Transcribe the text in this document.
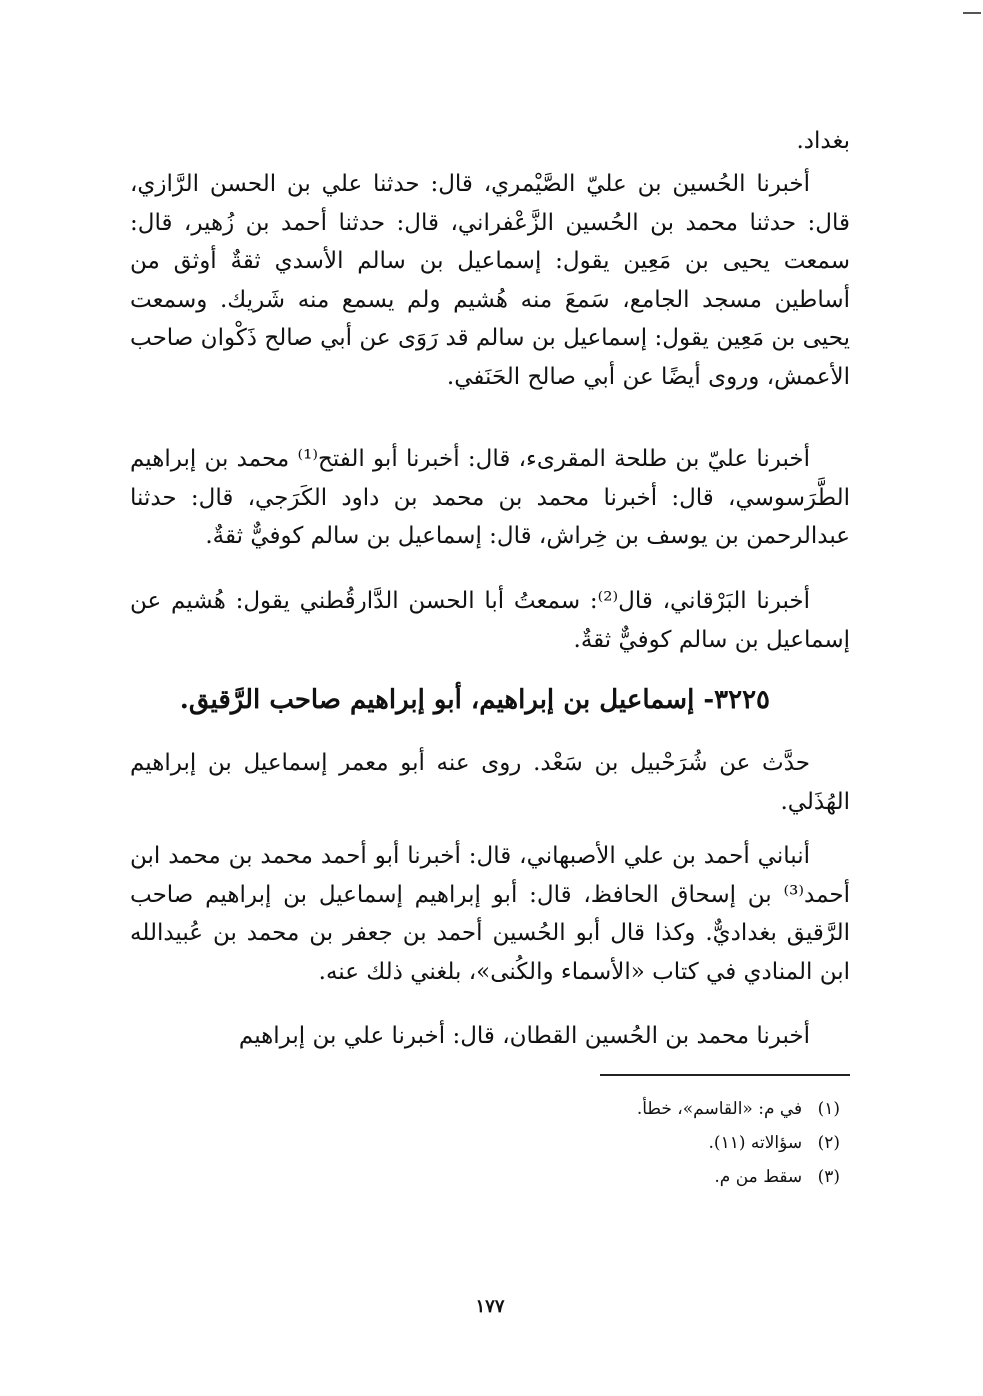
بغداد.

أخبرنا الحُسين بن عليّ الصَّيْمري، قال: حدثنا علي بن الحسن الرَّازي، قال: حدثنا محمد بن الحُسين الزَّعْفراني، قال: حدثنا أحمد بن زُهير، قال: سمعت يحيى بن مَعِين يقول: إسماعيل بن سالم الأسدي ثقةٌ أوثق من أساطين مسجد الجامع، سَمعَ منه هُشيم ولم يسمع منه شَريك. وسمعت يحيى بن مَعِين يقول: إسماعيل بن سالم قد رَوَى عن أبي صالح ذَكْوان صاحب الأعمش، وروى أيضًا عن أبي صالح الحَنَفي.

أخبرنا عليّ بن طلحة المقرىء، قال: أخبرنا أبو الفتح⁽¹⁾ محمد بن إبراهيم الطَّرَسوسي، قال: أخبرنا محمد بن محمد بن داود الكَرَجي، قال: حدثنا عبدالرحمن بن يوسف بن خِراش، قال: إسماعيل بن سالم كوفيٌّ ثقةٌ.

أخبرنا البَرْقاني، قال⁽²⁾: سمعتُ أبا الحسن الدَّارقُطني يقول: هُشيم عن إسماعيل بن سالم كوفيٌّ ثقةٌ.

٣٢٢٥- إسماعيل بن إبراهيم، أبو إبراهيم صاحب الرَّقيق.

حدَّث عن شُرَحْبيل بن سَعْد. روى عنه أبو معمر إسماعيل بن إبراهيم الهُذَلي.

أنباني أحمد بن علي الأصبهاني، قال: أخبرنا أبو أحمد محمد بن محمد ابن أحمد⁽³⁾ بن إسحاق الحافظ، قال: أبو إبراهيم إسماعيل بن إبراهيم صاحب الرَّقيق بغداديٌّ. وكذا قال أبو الحُسين أحمد بن جعفر بن محمد بن عُبيدالله ابن المنادي في كتاب «الأسماء والكُنى»، بلغني ذلك عنه.

أخبرنا محمد بن الحُسين القطان، قال: أخبرنا علي بن إبراهيم

(١) في م: «القاسم»، خطأ.
(٢) سؤالاته (١١).
(٣) سقط من م.
١٧٧
